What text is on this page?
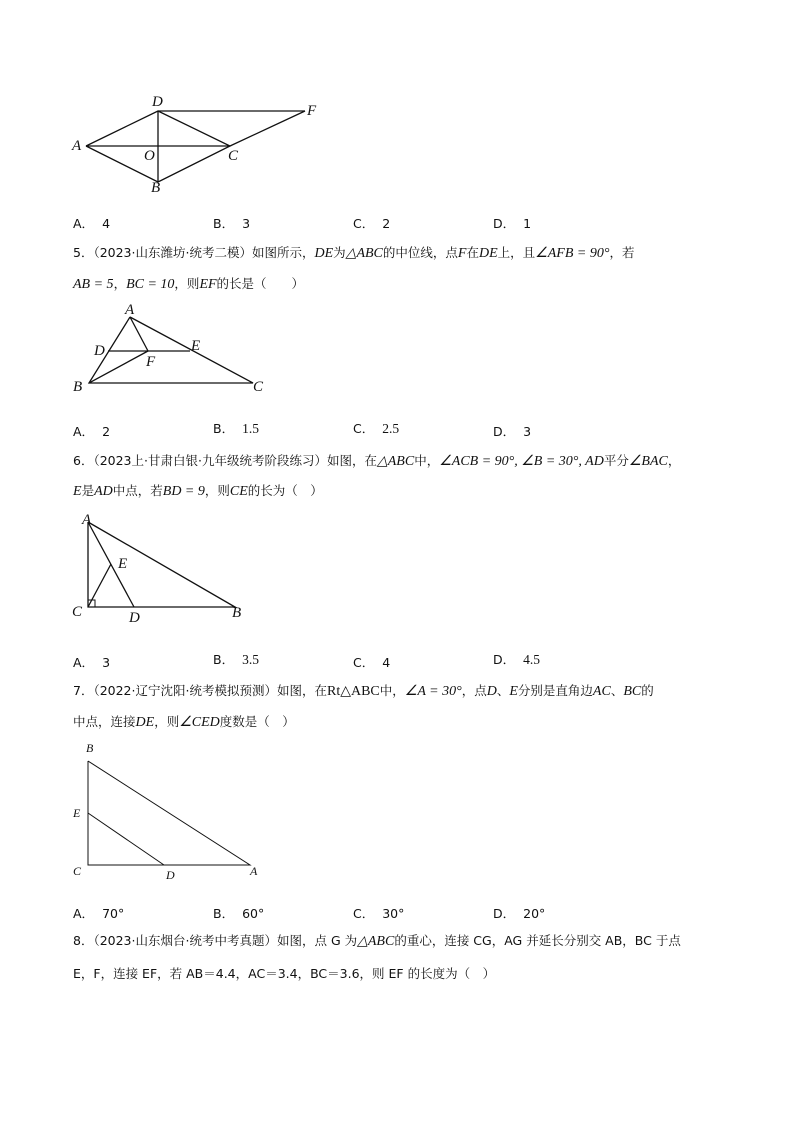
D
F
A
O	C
B
A． 4	B． 3	C． 2	D． 1
5．（2023·山东潍坊·统考二模）如图所示，DE为△ABC的中位线，点F在DE上，且∠AFB = 90°，若
AB = 5，BC = 10，则EF的长是（　　）
A
D	E
F
B	C
A． 2	B． 1.5	C． 2.5	D． 3
6．（2023上·甘肃白银·九年级统考阶段练习）如图，在△ABC中，∠ACB = 90°, ∠B = 30°, AD平分∠BAC，
E是AD中点，若BD = 9，则CE的长为（　）
A
E
C	D	B
A． 3	B． 3.5	C． 4	D． 4.5
7．（2022·辽宁沈阳·统考模拟预测）如图，在Rt△ABC中，∠A = 30°，点D、E分别是直角边AC、BC的
中点，连接DE，则∠CED度数是（　）
B
E
C	D	A
A． 70°	B． 60°	C． 30°	D． 20°
8．（2023·山东烟台·统考中考真题）如图，点 G 为△ABC的重心，连接 CG，AG 并延长分别交 AB，BC 于点
E，F，连接 EF，若 AB＝4.4，AC＝3.4，BC＝3.6，则 EF 的长度为（　）
